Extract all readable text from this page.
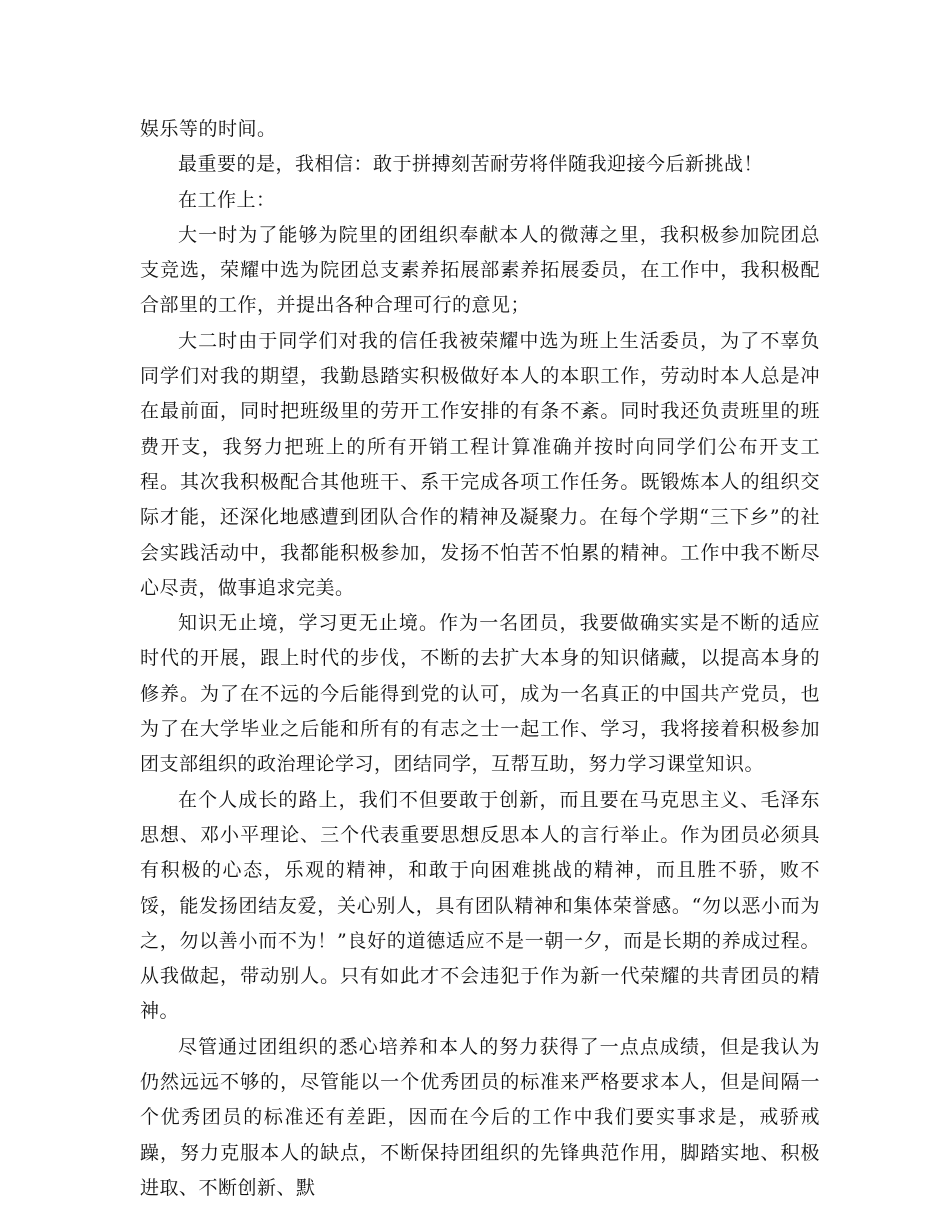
娱乐等的时间。

最重要的是，我相信：敢于拼搏刻苦耐劳将伴随我迎接今后新挑战！

在工作上：

大一时为了能够为院里的团组织奉献本人的微薄之里，我积极参加院团总支竞选，荣耀中选为院团总支素养拓展部素养拓展委员，在工作中，我积极配合部里的工作，并提出各种合理可行的意见；

大二时由于同学们对我的信任我被荣耀中选为班上生活委员，为了不辜负同学们对我的期望，我勤恳踏实积极做好本人的本职工作，劳动时本人总是冲在最前面，同时把班级里的劳开工作安排的有条不紊。同时我还负责班里的班费开支，我努力把班上的所有开销工程计算准确并按时向同学们公布开支工程。其次我积极配合其他班干、系干完成各项工作任务。既锻炼本人的组织交际才能，还深化地感遭到团队合作的精神及凝聚力。在每个学期“三下乡”的社会实践活动中，我都能积极参加，发扬不怕苦不怕累的精神。工作中我不断尽心尽责，做事追求完美。

知识无止境，学习更无止境。作为一名团员，我要做确实实是不断的适应时代的开展，跟上时代的步伐，不断的去扩大本身的知识储藏，以提高本身的修养。为了在不远的今后能得到党的认可，成为一名真正的中国共产党员，也为了在大学毕业之后能和所有的有志之士一起工作、学习，我将接着积极参加团支部组织的政治理论学习，团结同学，互帮互助，努力学习课堂知识。

在个人成长的路上，我们不但要敢于创新，而且要在马克思主义、毛泽东思想、邓小平理论、三个代表重要思想反思本人的言行举止。作为团员必须具有积极的心态，乐观的精神，和敢于向困难挑战的精神，而且胜不骄，败不馁，能发扬团结友爱，关心别人，具有团队精神和集体荣誉感。“勿以恶小而为之，勿以善小而不为！”良好的道德适应不是一朝一夕，而是长期的养成过程。从我做起，带动别人。只有如此才不会违犯于作为新一代荣耀的共青团员的精神。

尽管通过团组织的悉心培养和本人的努力获得了一点点成绩，但是我认为仍然远远不够的，尽管能以一个优秀团员的标准来严格要求本人，但是间隔一个优秀团员的标准还有差距，因而在今后的工作中我们要实事求是，戒骄戒躁，努力克服本人的缺点，不断保持团组织的先锋典范作用，脚踏实地、积极进取、不断创新、默
